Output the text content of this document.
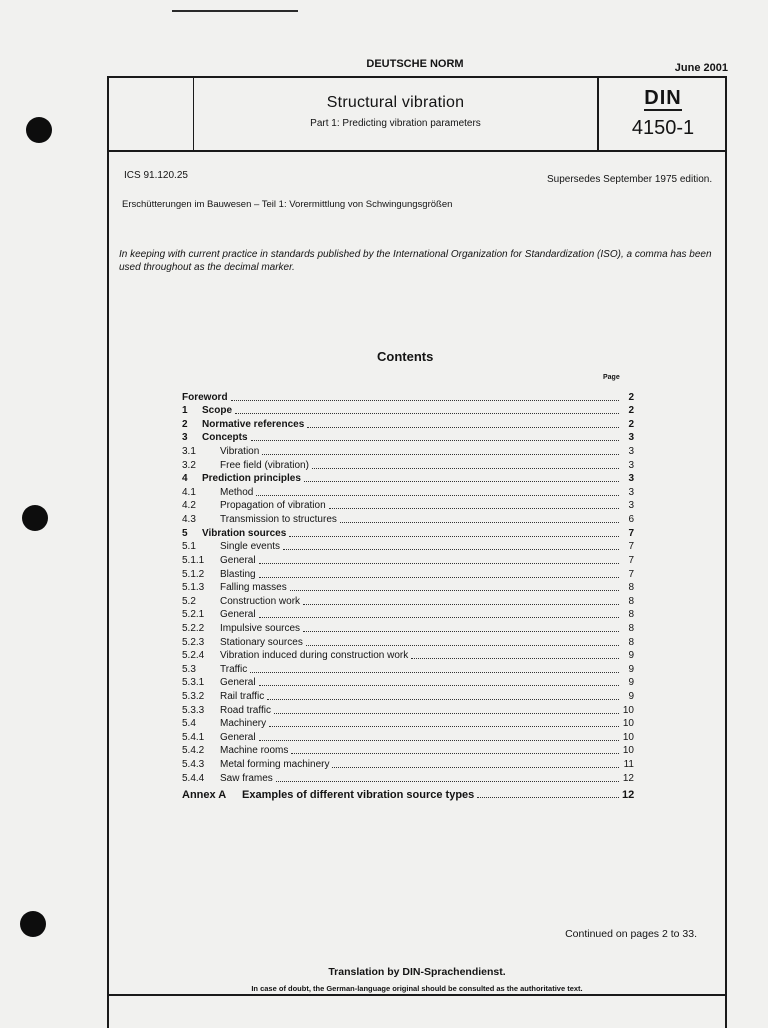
DEUTSCHE NORM	June 2001
Structural vibration
Part 1: Predicting vibration parameters
DIN
4150-1
ICS 91.120.25	Supersedes September 1975 edition.
Erschütterungen im Bauwesen – Teil 1: Vorermittlung von Schwingungsgrößen
In keeping with current practice in standards published by the International Organization for Standardization (ISO), a comma has been used throughout as the decimal marker.
Contents
Page
Foreword	2
1	Scope	2
2	Normative references	2
3	Concepts	3
3.1	Vibration	3
3.2	Free field (vibration)	3
4	Prediction principles	3
4.1	Method	3
4.2	Propagation of vibration	3
4.3	Transmission to structures	6
5	Vibration sources	7
5.1	Single events	7
5.1.1	General	7
5.1.2	Blasting	7
5.1.3	Falling masses	8
5.2	Construction work	8
5.2.1	General	8
5.2.2	Impulsive sources	8
5.2.3	Stationary sources	8
5.2.4	Vibration induced during construction work	9
5.3	Traffic	9
5.3.1	General	9
5.3.2	Rail traffic	9
5.3.3	Road traffic	10
5.4	Machinery	10
5.4.1	General	10
5.4.2	Machine rooms	10
5.4.3	Metal forming machinery	11
5.4.4	Saw frames	12
Annex A	Examples of different vibration source types	12
Continued on pages 2 to 33.
Translation by DIN-Sprachendienst.
In case of doubt, the German-language original should be consulted as the authoritative text.
